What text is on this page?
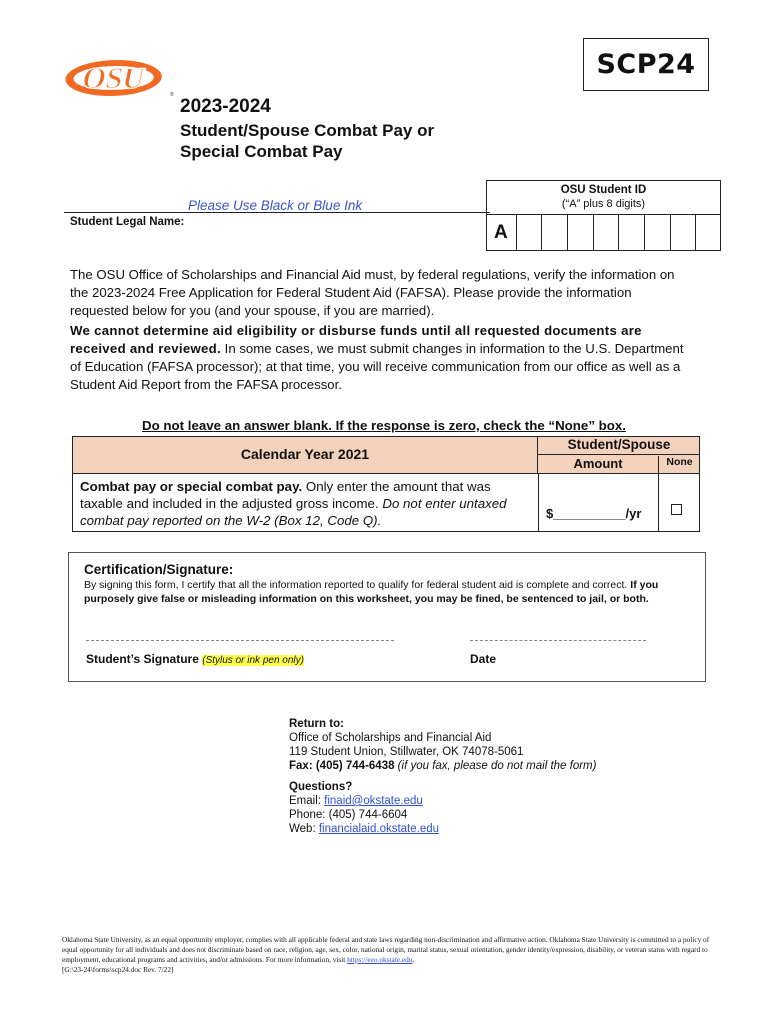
SCP24
OSU
®
2023-2024
Student/Spouse Combat Pay or
Special Combat Pay
Please Use Black or Blue Ink
Student Legal Name:
OSU Student ID
(“A” plus 8 digits)
A
The OSU Office of Scholarships and Financial Aid must, by federal regulations, verify the information on the 2023-2024 Free Application for Federal Student Aid (FAFSA). Please provide the information requested below for you (and your spouse, if you are married).
We cannot determine aid eligibility or disburse funds until all requested documents are received and reviewed. In some cases, we must submit changes in information to the U.S. Department of Education (FAFSA processor); at that time, you will receive communication from our office as well as a Student Aid Report from the FAFSA processor.
Do not leave an answer blank. If the response is zero, check the “None” box.
Calendar Year 2021
Student/Spouse
Amount	None
Combat pay or special combat pay. Only enter the amount that was taxable and included in the adjusted gross income. Do not enter untaxed combat pay reported on the W-2 (Box 12, Code Q).	$__________/yr
Certification/Signature:
By signing this form, I certify that all the information reported to qualify for federal student aid is complete and correct. If you purposely give false or misleading information on this worksheet, you may be fined, be sentenced to jail, or both.
Student’s Signature (Stylus or ink pen only)	Date
Return to:
Office of Scholarships and Financial Aid
119 Student Union, Stillwater, OK 74078-5061
Fax: (405) 744-6438 (if you fax, please do not mail the form)
Questions?
Email: finaid@okstate.edu
Phone: (405) 744-6604
Web: financialaid.okstate.edu
Oklahoma State University, as an equal opportunity employer, complies with all applicable federal and state laws regarding non-discrimination and affirmative action. Oklahoma State University is committed to a policy of equal opportunity for all individuals and does not discriminate based on race, religion, age, sex, color, national origin, marital status, sexual orientation, gender identity/expression, disability, or veteran status with regard to employment, educational programs and activities, and/or admissions. For more information, visit https://eeo.okstate.edu.
[G:\23-24\forms\scp24.doc Rev. 7/22]
